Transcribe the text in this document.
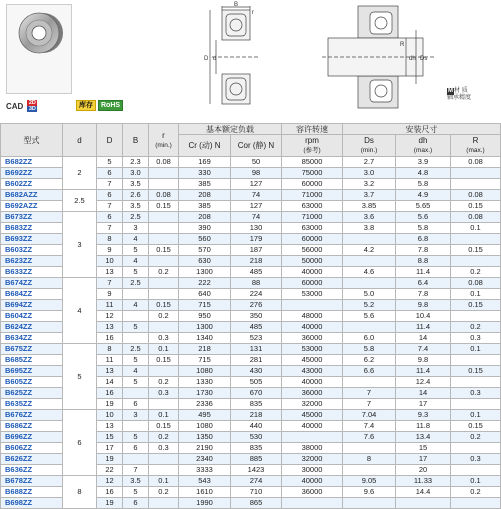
CAD 2D
3D	库存	RoHS
B
D d
r
dh Ds
R
M材 质
轴承精度
型式	d	D	B	r
(min.)	基本额定负载		容许转速	安装尺寸		
					Cr (动) N	Cor (静) N	rpm
(参考)	Ds
(min.)	dh
(max.)	R
(max.)
B682ZZ	2	5	2.3	0.08	169	50	85000	2.7	3.9	0.08
B692ZZ		6	3.0		330	98	75000	3.0	4.8	
B602ZZ		7	3.5		385	127	60000	3.2	5.8	
B682AZZ	2.5	6	2.6	0.08	208	74	71000	3.7	4.9	0.08
B692AZZ		7	3.5	0.15	385	127	63000	3.85	5.65	0.15
B673ZZ	3	6	2.5		208	74	71000	3.6	5.6	0.08
B683ZZ		7	3		390	130	63000	3.8	5.8	0.1
B693ZZ		8	4		560	179	60000		6.8	
B603ZZ		9	5	0.15	570	187	56000	4.2	7.8	0.15
B623ZZ		10	4		630	218	50000		8.8	
B633ZZ		13	5	0.2	1300	485	40000	4.6	11.4	0.2
B674ZZ	4	7	2.5		222	88	60000		6.4	0.08
B684ZZ		9			640	224	53000	5.0	7.8	0.1
B694ZZ		11	4	0.15	715	276		5.2	9.8	0.15
B604ZZ		12		0.2	950	350	48000	5.6	10.4	
B624ZZ		13	5		1300	485	40000		11.4	0.2
B634ZZ		16		0.3	1340	523	36000	6.0	14	0.3
B675ZZ	5	8	2.5	0.1	218	131	53000	5.8	7.4	0.1
B685ZZ		11	5	0.15	715	281	45000	6.2	9.8	
B695ZZ		13	4		1080	430	43000	6.6	11.4	0.15
B605ZZ		14	5	0.2	1330	505	40000		12.4	
B625ZZ		16		0.3	1730	670	36000	7	14	0.3
B635ZZ		19	6		2336	835	32000	7	17	
B676ZZ	6	10	3	0.1	495	218	45000	7.04	9.3	0.1
B686ZZ		13		0.15	1080	440	40000	7.4	11.8	0.15
B696ZZ		15	5	0.2	1350	530		7.6	13.4	0.2
B606ZZ		17	6	0.3	2190	835	38000		15	
B626ZZ		19			2340	885	32000	8	17	0.3
B636ZZ		22	7		3333	1423	30000		20	
B678ZZ	8	12	3.5	0.1	543	274	40000	9.05	11.33	0.1
B688ZZ		16	5	0.2	1610	710	36000	9.6	14.4	0.2
B698ZZ		19	6		1990	865				
